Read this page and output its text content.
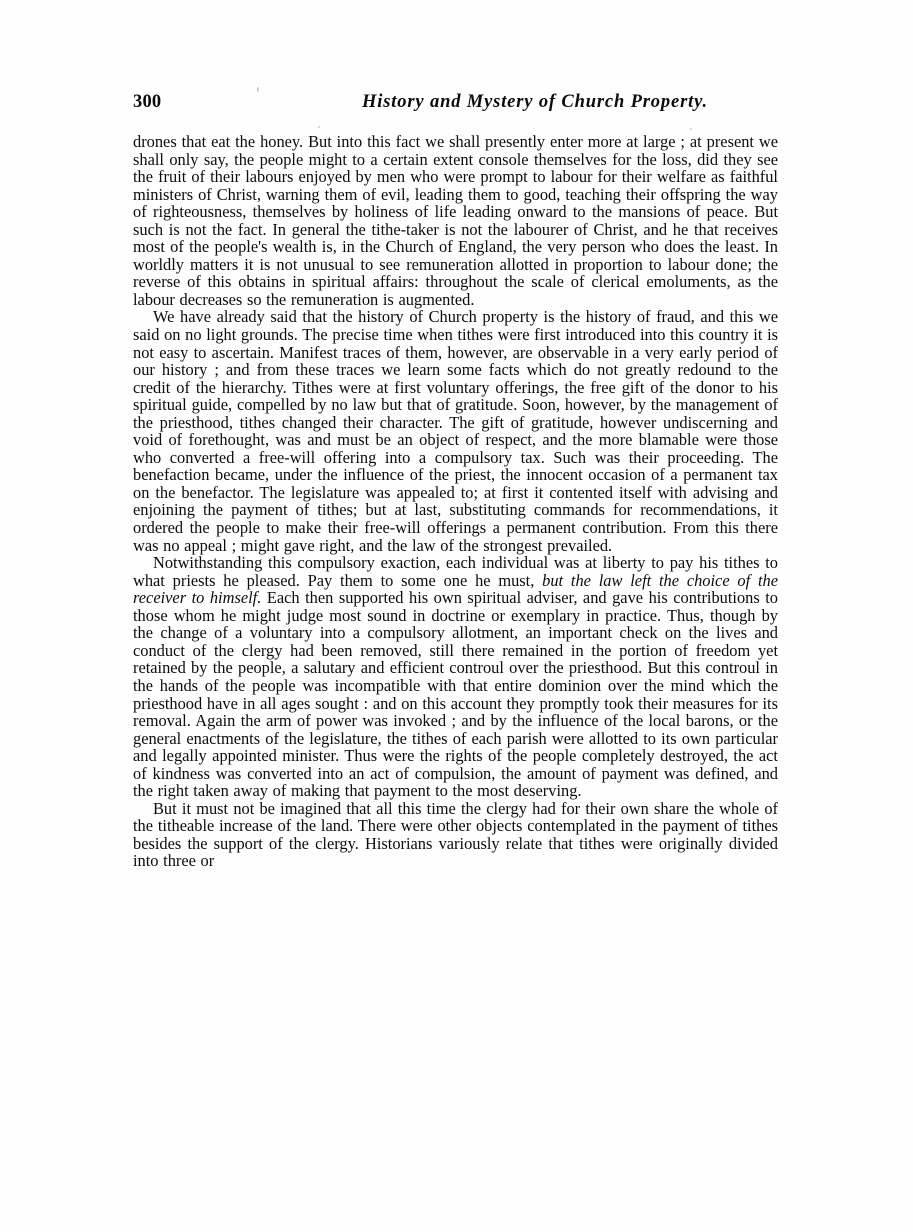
300	History and Mystery of Church Property.

drones that eat the honey. But into this fact we shall presently enter more at large ; at present we shall only say, the people might to a certain extent console themselves for the loss, did they see the fruit of their labours enjoyed by men who were prompt to labour for their welfare as faithful ministers of Christ, warning them of evil, leading them to good, teaching their offspring the way of righteousness, themselves by holiness of life leading onward to the mansions of peace. But such is not the fact. In general the tithe-taker is not the labourer of Christ, and he that receives most of the people's wealth is, in the Church of England, the very person who does the least. In worldly matters it is not unusual to see remuneration allotted in proportion to labour done; the reverse of this obtains in spiritual affairs: throughout the scale of clerical emoluments, as the labour decreases so the remuneration is augmented.

We have already said that the history of Church property is the history of fraud, and this we said on no light grounds. The precise time when tithes were first introduced into this country it is not easy to ascertain. Manifest traces of them, however, are observable in a very early period of our history ; and from these traces we learn some facts which do not greatly redound to the credit of the hierarchy. Tithes were at first voluntary offerings, the free gift of the donor to his spiritual guide, compelled by no law but that of gratitude. Soon, however, by the management of the priesthood, tithes changed their character. The gift of gratitude, however undiscerning and void of forethought, was and must be an object of respect, and the more blamable were those who converted a free-will offering into a compulsory tax. Such was their proceeding. The benefaction became, under the influence of the priest, the innocent occasion of a permanent tax on the benefactor. The legislature was appealed to; at first it contented itself with advising and enjoining the payment of tithes; but at last, substituting commands for recommendations, it ordered the people to make their free-will offerings a permanent contribution. From this there was no appeal ; might gave right, and the law of the strongest prevailed.

Notwithstanding this compulsory exaction, each individual was at liberty to pay his tithes to what priests he pleased. Pay them to some one he must, but the law left the choice of the receiver to himself. Each then supported his own spiritual adviser, and gave his contributions to those whom he might judge most sound in doctrine or exemplary in practice. Thus, though by the change of a voluntary into a compulsory allotment, an important check on the lives and conduct of the clergy had been removed, still there remained in the portion of freedom yet retained by the people, a salutary and efficient controul over the priesthood. But this controul in the hands of the people was incompatible with that entire dominion over the mind which the priesthood have in all ages sought : and on this account they promptly took their measures for its removal. Again the arm of power was invoked ; and by the influence of the local barons, or the general enactments of the legislature, the tithes of each parish were allotted to its own particular and legally appointed minister. Thus were the rights of the people completely destroyed, the act of kindness was converted into an act of compulsion, the amount of payment was defined, and the right taken away of making that payment to the most deserving.

But it must not be imagined that all this time the clergy had for their own share the whole of the titheable increase of the land. There were other objects contemplated in the payment of tithes besides the support of the clergy. Historians variously relate that tithes were originally divided into three or
